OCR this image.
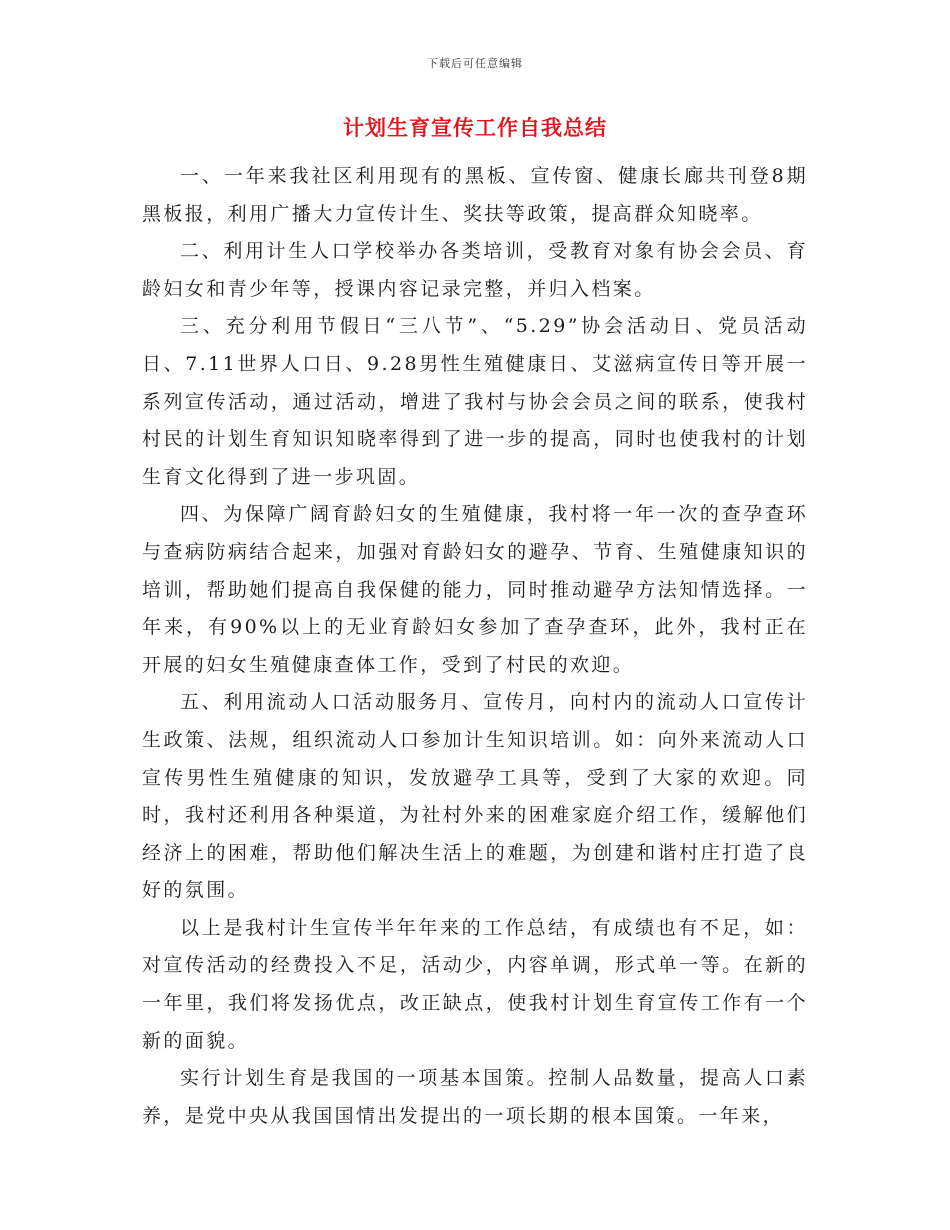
下载后可任意编辑
计划生育宣传工作自我总结

一、一年来我社区利用现有的黑板、宣传窗、健康长廊共刊登8期黑板报，利用广播大力宣传计生、奖扶等政策，提高群众知晓率。

二、利用计生人口学校举办各类培训，受教育对象有协会会员、育龄妇女和青少年等，授课内容记录完整，并归入档案。

三、充分利用节假日“三八节”、“5.29”协会活动日、党员活动日、7.11世界人口日、9.28男性生殖健康日、艾滋病宣传日等开展一系列宣传活动，通过活动，增进了我村与协会会员之间的联系，使我村村民的计划生育知识知晓率得到了进一步的提高，同时也使我村的计划生育文化得到了进一步巩固。

四、为保障广阔育龄妇女的生殖健康，我村将一年一次的查孕查环与查病防病结合起来，加强对育龄妇女的避孕、节育、生殖健康知识的培训，帮助她们提高自我保健的能力，同时推动避孕方法知情选择。一年来，有90%以上的无业育龄妇女参加了查孕查环，此外，我村正在开展的妇女生殖健康查体工作，受到了村民的欢迎。

五、利用流动人口活动服务月、宣传月，向村内的流动人口宣传计生政策、法规，组织流动人口参加计生知识培训。如：向外来流动人口宣传男性生殖健康的知识，发放避孕工具等，受到了大家的欢迎。同时，我村还利用各种渠道，为社村外来的困难家庭介绍工作，缓解他们经济上的困难，帮助他们解决生活上的难题，为创建和谐村庄打造了良好的氛围。

以上是我村计生宣传半年年来的工作总结，有成绩也有不足，如：对宣传活动的经费投入不足，活动少，内容单调，形式单一等。在新的一年里，我们将发扬优点，改正缺点，使我村计划生育宣传工作有一个新的面貌。

实行计划生育是我国的一项基本国策。控制人品数量，提高人口素养，是党中央从我国国情出发提出的一项长期的根本国策。一年来，
